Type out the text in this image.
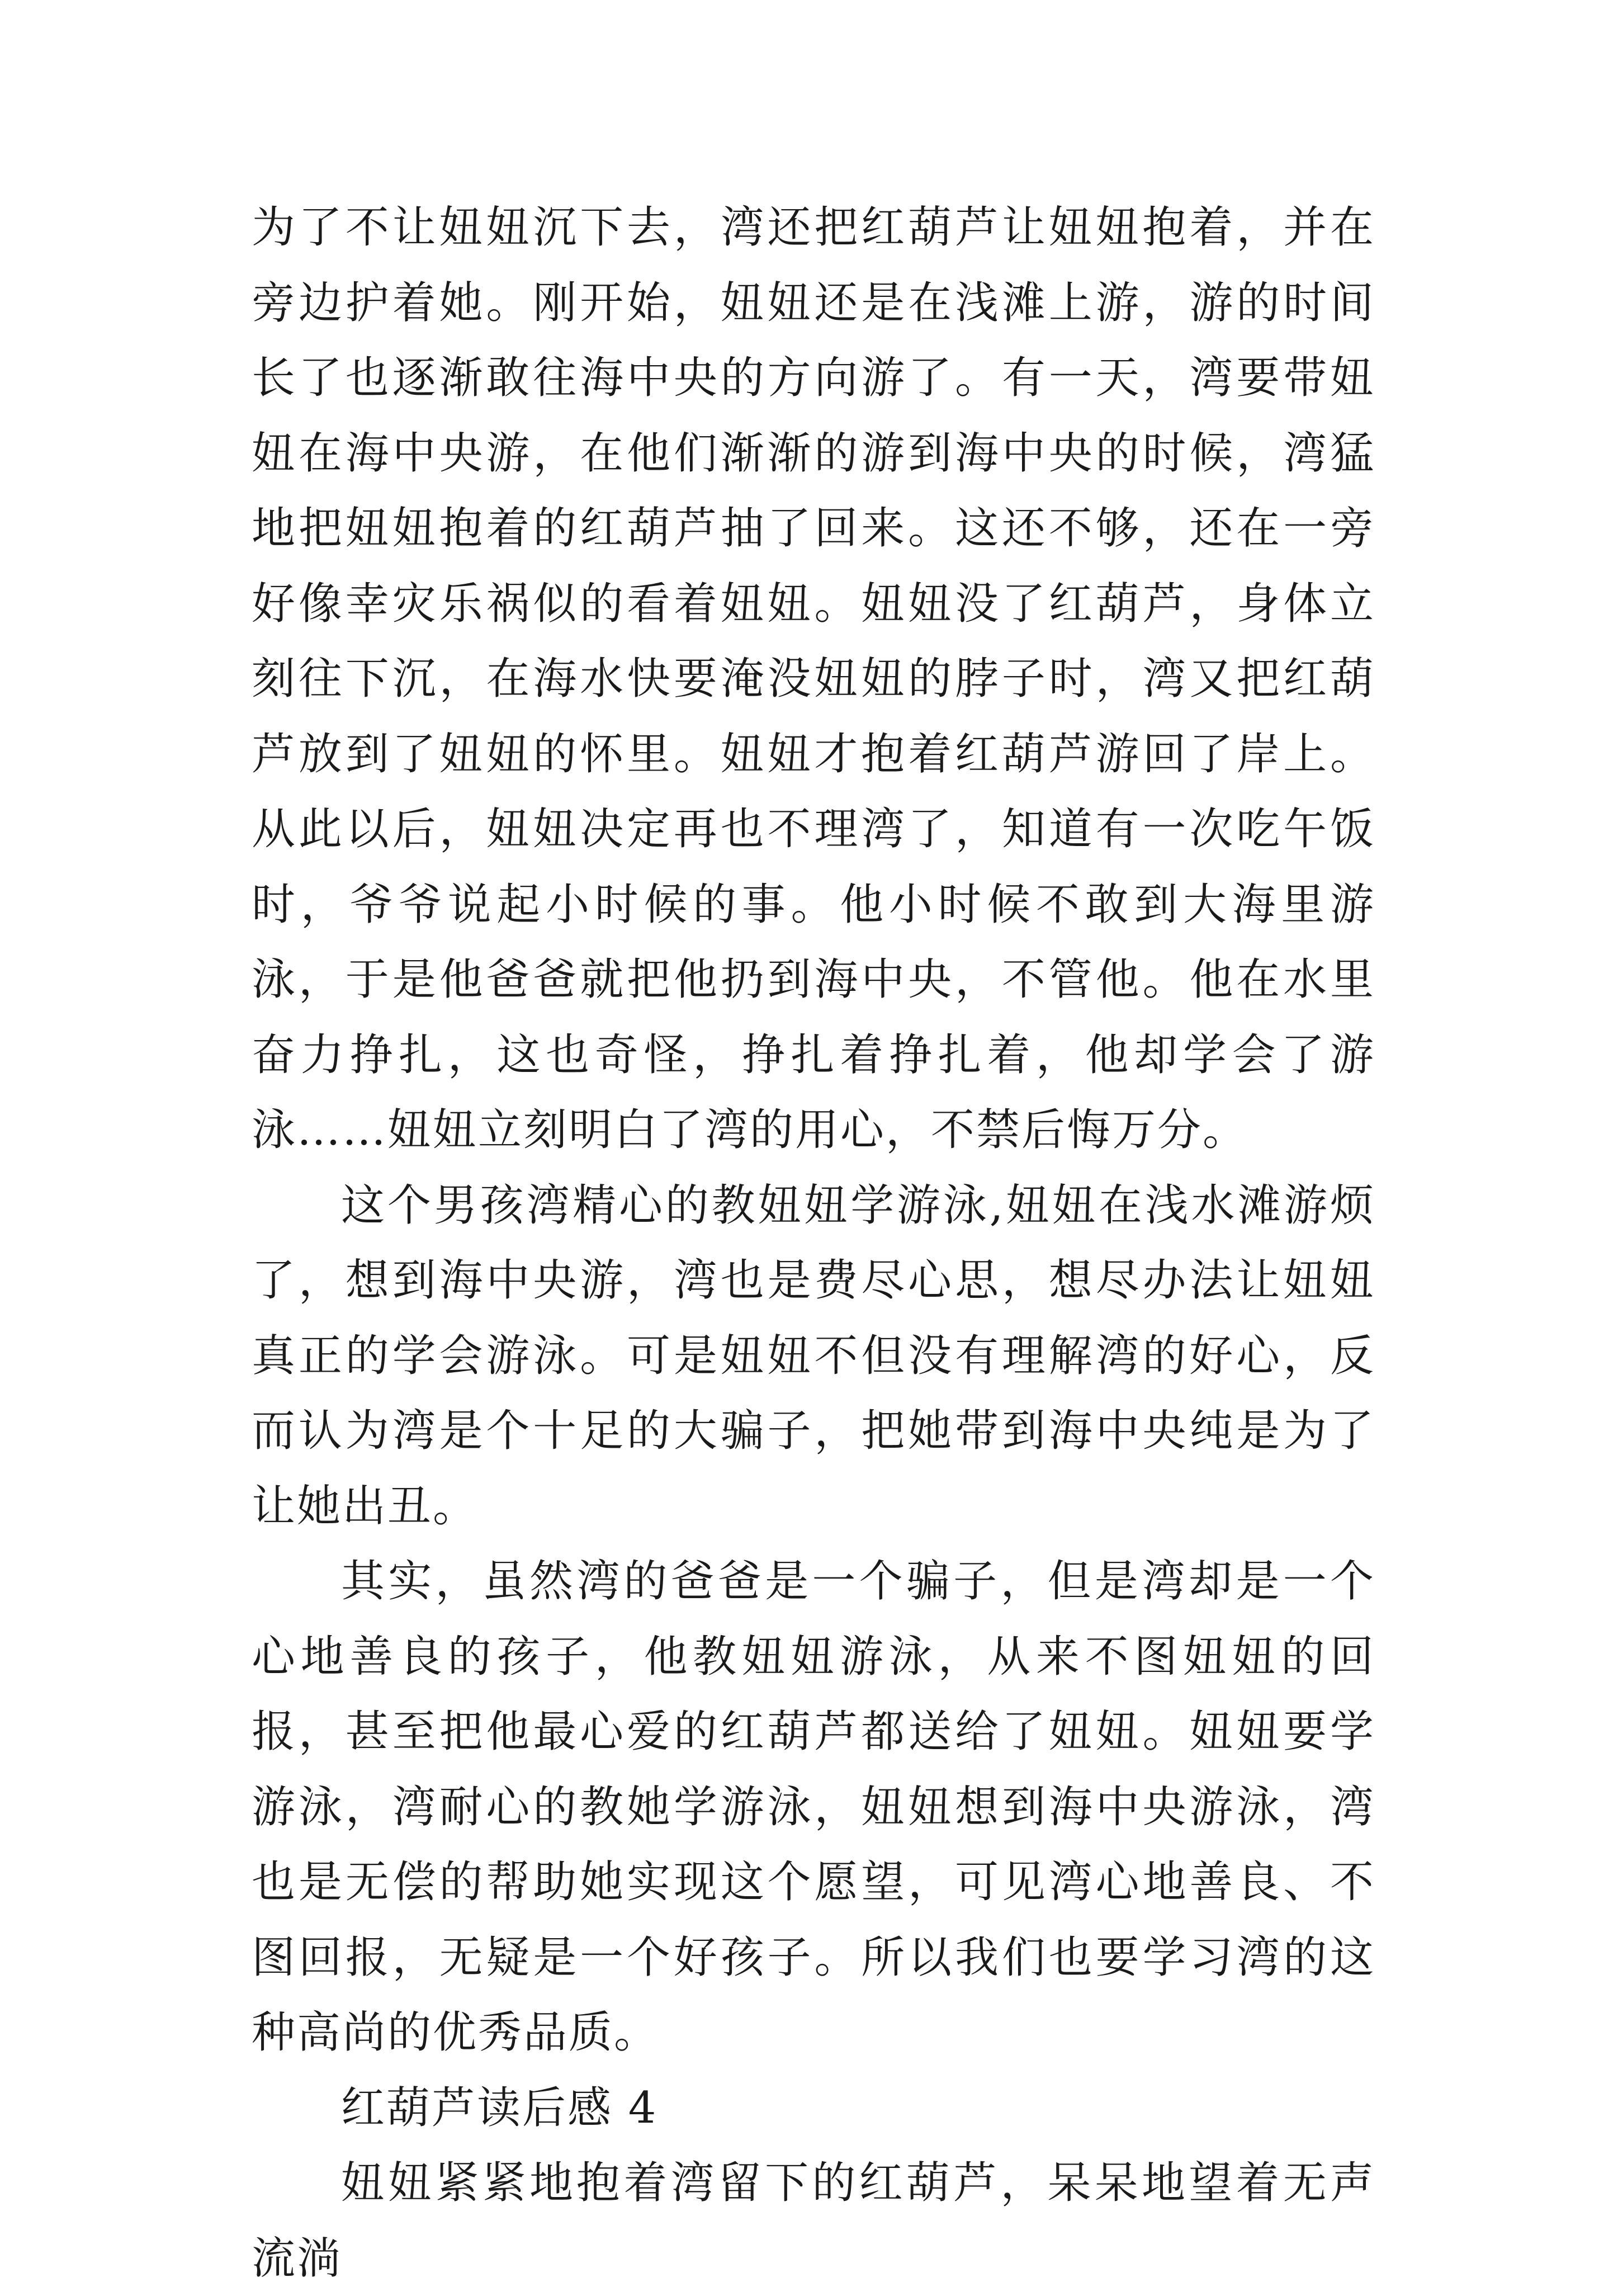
为了不让妞妞沉下去，湾还把红葫芦让妞妞抱着，并在旁边护着她。刚开始，妞妞还是在浅滩上游，游的时间长了也逐渐敢往海中央的方向游了。有一天，湾要带妞妞在海中央游，在他们渐渐的游到海中央的时候，湾猛地把妞妞抱着的红葫芦抽了回来。这还不够，还在一旁好像幸灾乐祸似的看着妞妞。妞妞没了红葫芦，身体立刻往下沉，在海水快要淹没妞妞的脖子时，湾又把红葫芦放到了妞妞的怀里。妞妞才抱着红葫芦游回了岸上。从此以后，妞妞决定再也不理湾了，知道有一次吃午饭时，爷爷说起小时候的事。他小时候不敢到大海里游泳，于是他爸爸就把他扔到海中央，不管他。他在水里奋力挣扎，这也奇怪，挣扎着挣扎着，他却学会了游泳……妞妞立刻明白了湾的用心，不禁后悔万分。

这个男孩湾精心的教妞妞学游泳,妞妞在浅水滩游烦了，想到海中央游，湾也是费尽心思，想尽办法让妞妞真正的学会游泳。可是妞妞不但没有理解湾的好心，反而认为湾是个十足的大骗子，把她带到海中央纯是为了让她出丑。

其实，虽然湾的爸爸是一个骗子，但是湾却是一个心地善良的孩子，他教妞妞游泳，从来不图妞妞的回报，甚至把他最心爱的红葫芦都送给了妞妞。妞妞要学游泳，湾耐心的教她学游泳，妞妞想到海中央游泳，湾也是无偿的帮助她实现这个愿望，可见湾心地善良、不图回报，无疑是一个好孩子。所以我们也要学习湾的这种高尚的优秀品质。

红葫芦读后感 4

妞妞紧紧地抱着湾留下的红葫芦，呆呆地望着无声流淌
